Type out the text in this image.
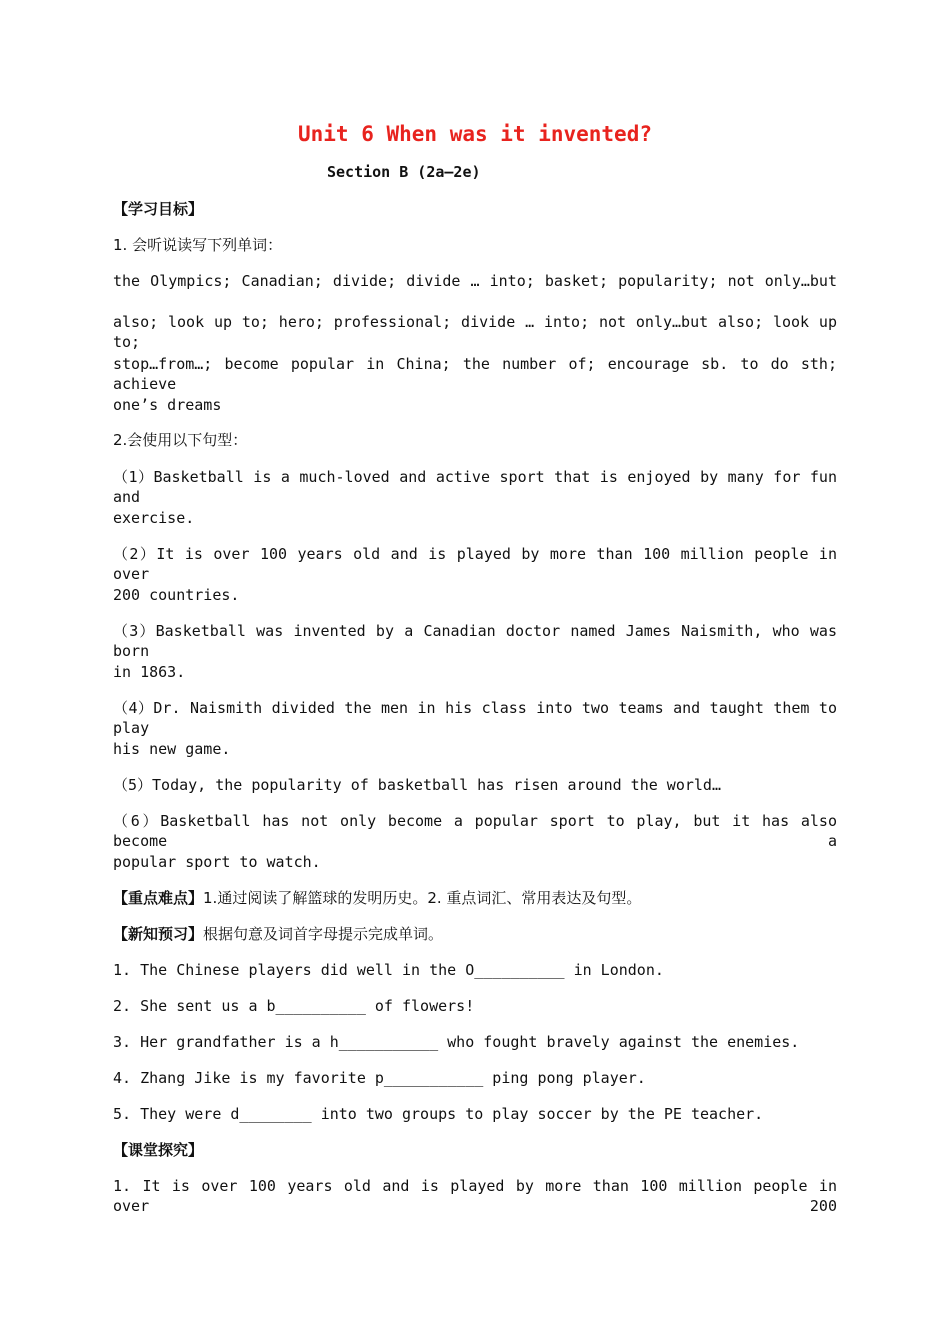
Unit 6 When was it invented?
Section B (2a—2e)
【学习目标】
1. 会听说读写下列单词：
the Olympics; Canadian; divide; divide … into; basket; popularity; not only…but
also; look up to; hero; professional; divide … into; not only…but also; look up to;
stop…from…; become popular in China; the number of; encourage sb. to do sth; achieve
one’s dreams
2.会使用以下句型：
（1）Basketball is a much-loved and active sport that is enjoyed by many for fun and
exercise.
（2）It is over 100 years old and is played by more than 100 million people in over
200 countries.
（3）Basketball was invented by a Canadian doctor named James Naismith, who was born
in 1863.
（4）Dr. Naismith divided the men in his class into two teams and taught them to play
his new game.
（5）Today, the popularity of basketball has risen around the world…
（6）Basketball has not only become a popular sport to play, but it has also become a
popular sport to watch.
【重点难点】1.通过阅读了解篮球的发明历史。2. 重点词汇、常用表达及句型。
【新知预习】根据句意及词首字母提示完成单词。
1. The Chinese players did well in the O__________ in London.
2. She sent us a b__________ of flowers!
3. Her grandfather is a h___________ who fought bravely against the enemies.
4. Zhang Jike is my favorite p___________ ping pong player.
5. They were d________ into two groups to play soccer by the PE teacher.
【课堂探究】
1. It is over 100 years old and is played by more than 100 million people in over 200
